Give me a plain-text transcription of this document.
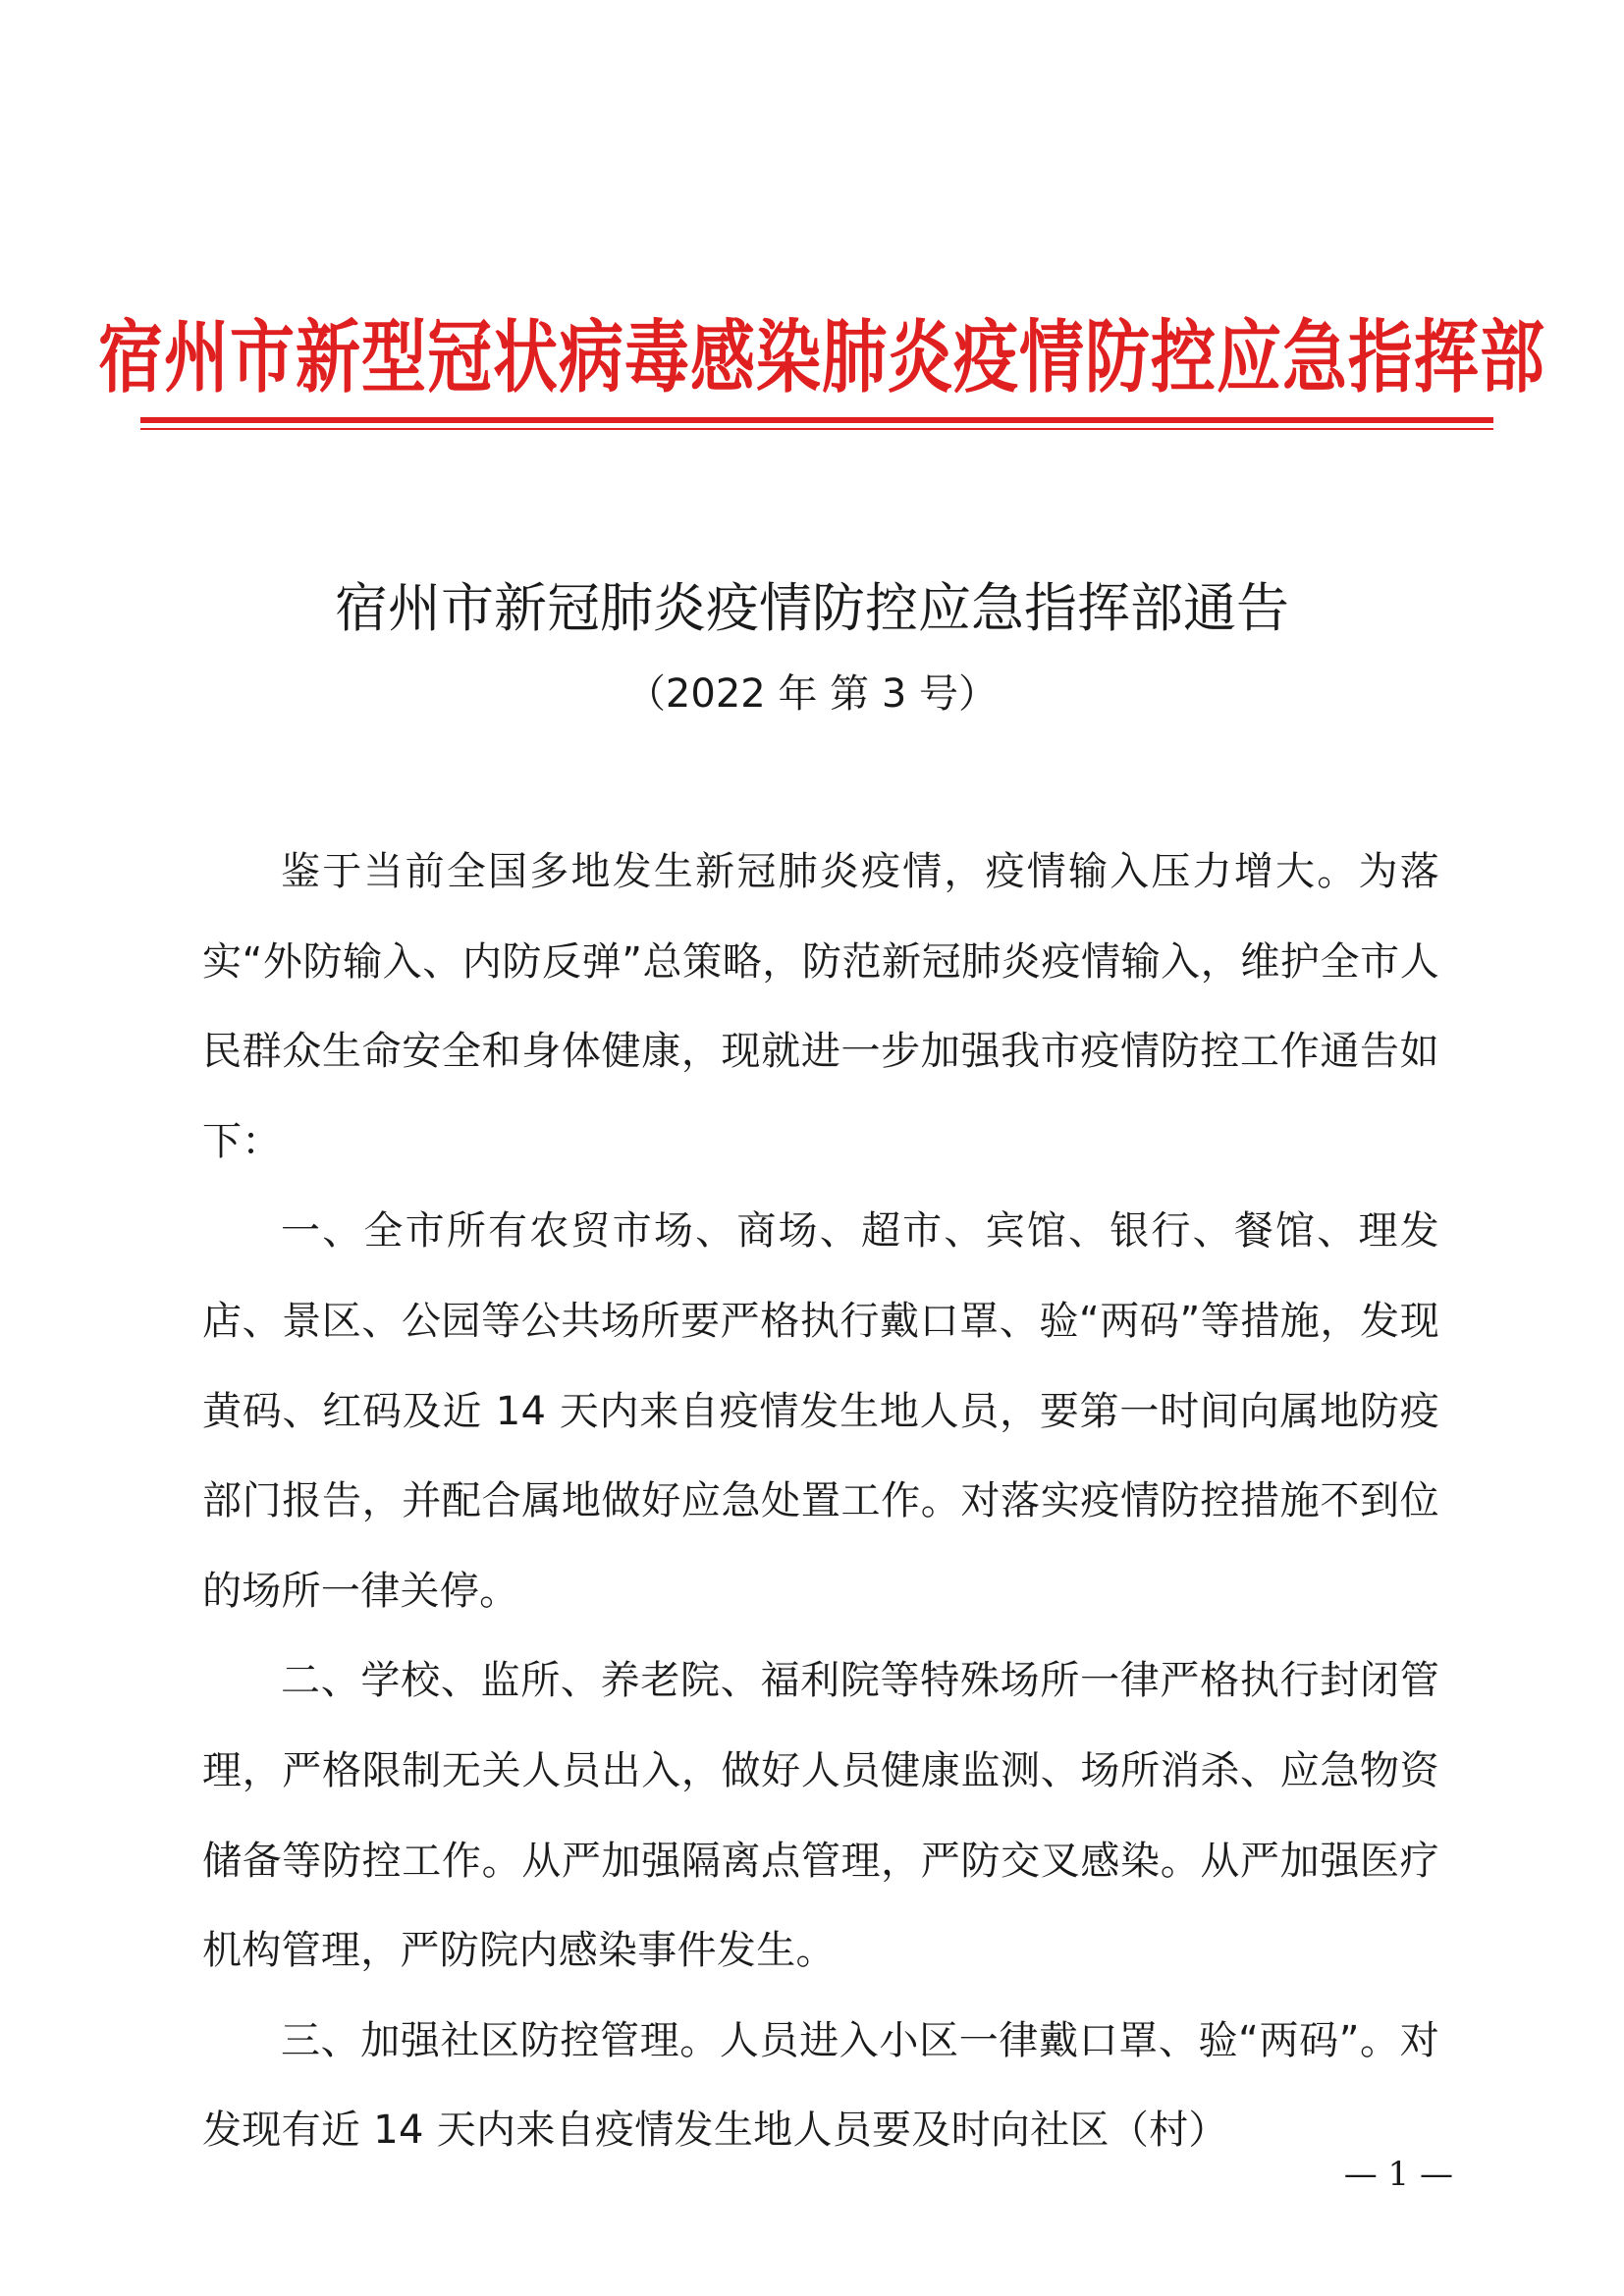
宿州市新型冠状病毒感染肺炎疫情防控应急指挥部
宿州市新冠肺炎疫情防控应急指挥部通告
（2022 年 第 3 号）

鉴于当前全国多地发生新冠肺炎疫情，疫情输入压力增大。为落实“外防输入、内防反弹”总策略，防范新冠肺炎疫情输入，维护全市人民群众生命安全和身体健康，现就进一步加强我市疫情防控工作通告如下：

一、全市所有农贸市场、商场、超市、宾馆、银行、餐馆、理发店、景区、公园等公共场所要严格执行戴口罩、验“两码”等措施，发现黄码、红码及近 14 天内来自疫情发生地人员，要第一时间向属地防疫部门报告，并配合属地做好应急处置工作。对落实疫情防控措施不到位的场所一律关停。

二、学校、监所、养老院、福利院等特殊场所一律严格执行封闭管理，严格限制无关人员出入，做好人员健康监测、场所消杀、应急物资储备等防控工作。从严加强隔离点管理，严防交叉感染。从严加强医疗机构管理，严防院内感染事件发生。

三、加强社区防控管理。人员进入小区一律戴口罩、验“两码”。对发现有近 14 天内来自疫情发生地人员要及时向社区（村）

— 1 —
